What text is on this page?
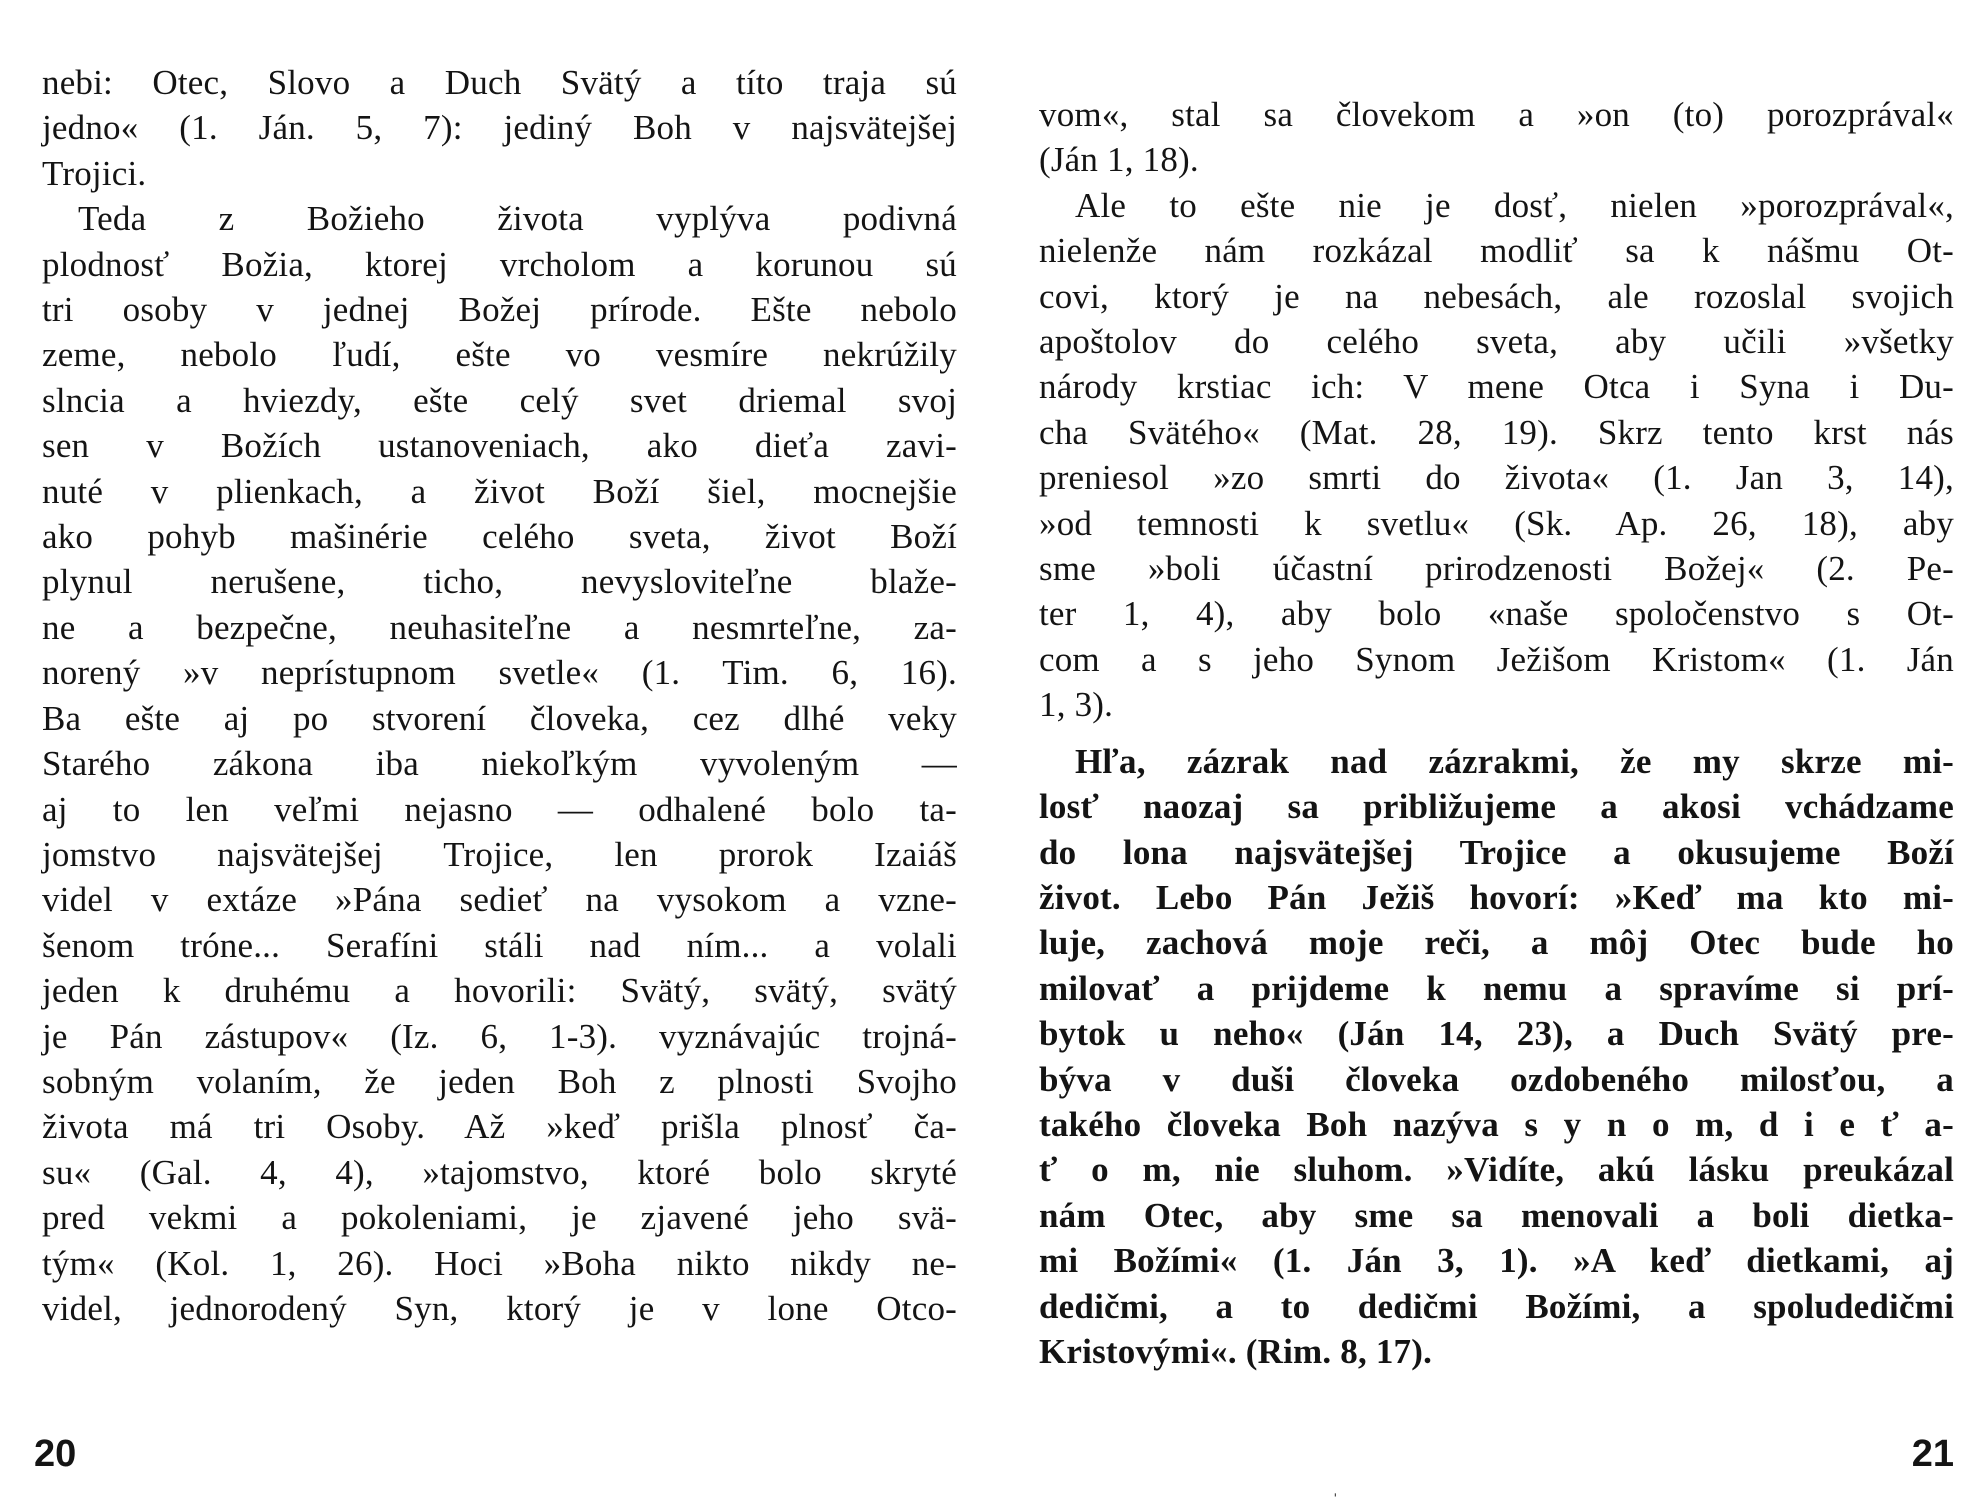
nebi: Otec, Slovo a Duch Svätý a títo traja sú
jedno« (1. Ján. 5, 7): jediný Boh v najsvätejšej
Trojici.
Teda z Božieho života vyplýva podivná
plodnosť Božia, ktorej vrcholom a korunou sú
tri osoby v jednej Božej prírode. Ešte nebolo
zeme, nebolo ľudí, ešte vo vesmíre nekrúžily
slncia a hviezdy, ešte celý svet driemal svoj
sen v Božích ustanoveniach, ako dieťa zavi-
nuté v plienkach, a život Boží šiel, mocnejšie
ako pohyb mašinérie celého sveta, život Boží
plynul nerušene, ticho, nevysloviteľne blaže-
ne a bezpečne, neuhasiteľne a nesmrteľne, za-
norený »v neprístupnom svetle« (1. Tim. 6, 16).
Ba ešte aj po stvorení človeka, cez dlhé veky
Starého zákona iba niekoľkým vyvoleným —
aj to len veľmi nejasno — odhalené bolo ta-
jomstvo najsvätejšej Trojice, len prorok Izaiáš
videl v extáze »Pána sedieť na vysokom a vzne-
šenom tróne... Serafíni stáli nad ním... a volali
jeden k druhému a hovorili: Svätý, svätý, svätý
je Pán zástupov« (Iz. 6, 1-3). vyznávajúc trojná-
sobným volaním, že jeden Boh z plnosti Svojho
života má tri Osoby. Až »keď prišla plnosť ča-
su« (Gal. 4, 4), »tajomstvo, ktoré bolo skryté
pred vekmi a pokoleniami, je zjavené jeho svä-
tým« (Kol. 1, 26). Hoci »Boha nikto nikdy ne-
videl, jednorodený Syn, ktorý je v lone Otco-
20
vom«, stal sa človekom a »on (to) porozprával«
(Ján 1, 18).
Ale to ešte nie je dosť, nielen »porozprával«,
nielenže nám rozkázal modliť sa k nášmu Ot-
covi, ktorý je na nebesách, ale rozoslal svojich
apoštolov do celého sveta, aby učili »všetky
národy krstiac ich: V mene Otca i Syna i Du-
cha Svätého« (Mat. 28, 19). Skrz tento krst nás
preniesol »zo smrti do života« (1. Jan 3, 14),
»od temnosti k svetlu« (Sk. Ap. 26, 18), aby
sme »boli účastní prirodzenosti Božej« (2. Pe-
ter 1, 4), aby bolo «naše spoločenstvo s Ot-
com a s jeho Synom Ježišom Kristom« (1. Ján
1, 3).
Hľa, zázrak nad zázrakmi, že my skrze mi-
losť naozaj sa približujeme a akosi vchádzame
do lona najsvätejšej Trojice a okusujeme Boží
život. Lebo Pán Ježiš hovorí: »Keď ma kto mi-
luje, zachová moje reči, a môj Otec bude ho
milovať a prijdeme k nemu a spravíme si prí-
bytok u neho« (Ján 14, 23), a Duch Svätý pre-
býva v duši človeka ozdobeného milosťou, a
takého človeka Boh nazýva s y n o m, d i e ť a-
ť o m, nie sluhom. »Vidíte, akú lásku preukázal
nám Otec, aby sme sa menovali a boli dietka-
mi Božími« (1. Ján 3, 1). »A keď dietkami, aj
dedičmi, a to dedičmi Božími, a spoludedičmi
Kristovými«. (Rim. 8, 17).
21
ˌ
